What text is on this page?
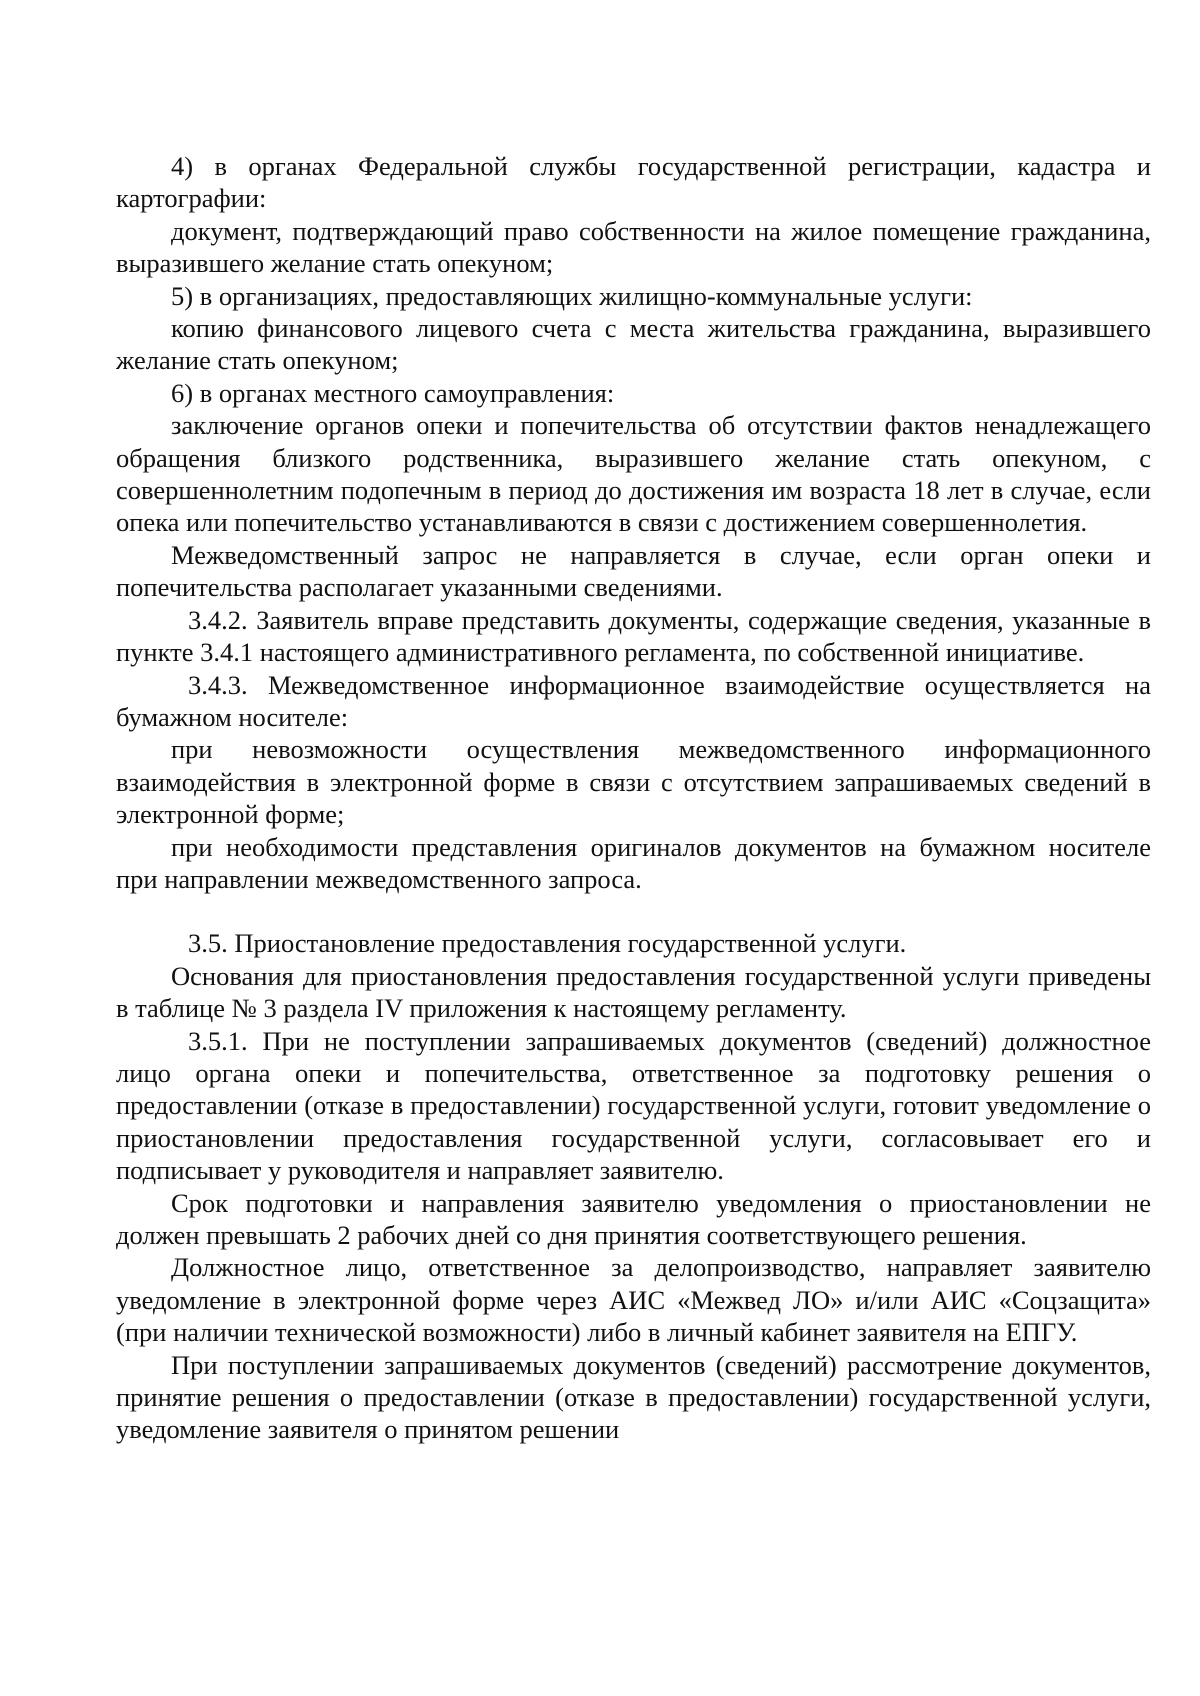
4) в органах Федеральной службы государственной регистрации, кадастра и картографии:

документ, подтверждающий право собственности на жилое помещение гражданина, выразившего желание стать опекуном;

5) в организациях, предоставляющих жилищно-коммунальные услуги:

копию финансового лицевого счета с места жительства гражданина, выразившего желание стать опекуном;

6) в органах местного самоуправления:

заключение органов опеки и попечительства об отсутствии фактов ненадлежащего обращения близкого родственника, выразившего желание стать опекуном, с совершеннолетним подопечным в период до достижения им возраста 18 лет в случае, если опека или попечительство устанавливаются в связи с достижением совершеннолетия.

Межведомственный запрос не направляется в случае, если орган опеки и попечительства располагает указанными сведениями.

3.4.2. Заявитель вправе представить документы, содержащие сведения, указанные в пункте 3.4.1 настоящего административного регламента, по собственной инициативе.

3.4.3. Межведомственное информационное взаимодействие осуществляется на бумажном носителе:

при невозможности осуществления межведомственного информационного взаимодействия в электронной форме в связи с отсутствием запрашиваемых сведений в электронной форме;

при необходимости представления оригиналов документов на бумажном носителе при направлении межведомственного запроса.

3.5. Приостановление предоставления государственной услуги.

Основания для приостановления предоставления государственной услуги приведены в таблице № 3 раздела IV приложения к настоящему регламенту.

3.5.1. При не поступлении запрашиваемых документов (сведений) должностное лицо органа опеки и попечительства, ответственное за подготовку решения о предоставлении (отказе в предоставлении) государственной услуги, готовит уведомление о приостановлении предоставления государственной услуги, согласовывает его и подписывает у руководителя и направляет заявителю.

Срок подготовки и направления заявителю уведомления о приостановлении не должен превышать 2 рабочих дней со дня принятия соответствующего решения.

Должностное лицо, ответственное за делопроизводство, направляет заявителю уведомление в электронной форме через АИС «Межвед ЛО» и/или АИС «Соцзащита» (при наличии технической возможности) либо в личный кабинет заявителя на ЕПГУ.

При поступлении запрашиваемых документов (сведений) рассмотрение документов, принятие решения о предоставлении (отказе в предоставлении) государственной услуги, уведомление заявителя о принятом решении
